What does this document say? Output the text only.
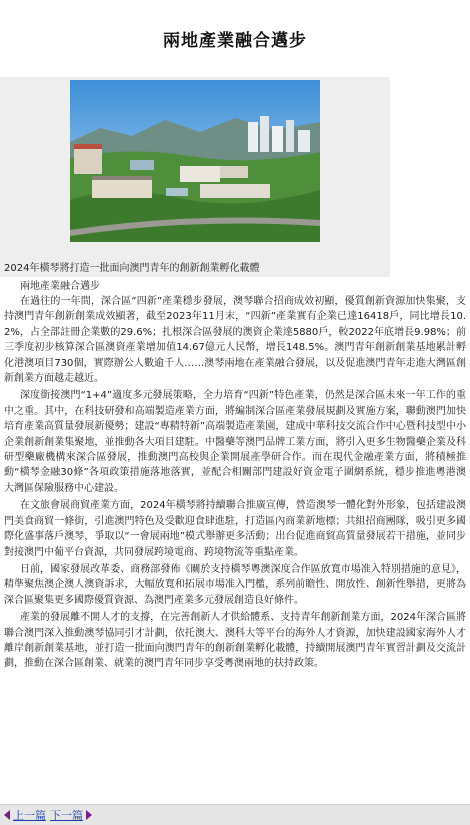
兩地產業融合邁步
2024年橫琴將打造一批面向澳門青年的創新創業孵化載體
兩地產業融合邁步

在過往的一年間，深合區“四新”產業穩步發展，澳琴聯合招商成效初顯，優質創新資源加快集聚，支持澳門青年創新創業成效顯著，截至2023年11月末，“四新”產業實有企業已達16418戶，同比增長10.2%，占全部註冊企業數的29.6%；扎根深合區發展的澳資企業達5880戶，較2022年底增長9.98%；前三季度初步核算深合區澳資產業增加值14.67億元人民幣，增長148.5%。澳門青年創新創業基地累計孵化港澳項目730個，實際辦公人數逾千人……澳琴兩地在產業融合發展，以及促進澳門青年走進大灣區創新創業方面越走越近。

深度銜接澳門“1+4”適度多元發展策略，全力培育“四新”特色產業，仍然是深合區未來一年工作的重中之重。其中，在科技研發和高端製造產業方面，將編制深合區產業發展規劃及實施方案，聯動澳門加快培育產業高質量發展新優勢；建設“專精特新”高端製造產業園，建成中華科技交流合作中心暨科技型中小企業創新創業集聚地，並推動各大項目建駐。中醫藥等澳門品牌工業方面，將引入更多生物醫藥企業及科研型藥廠機構來深合區發展，推動澳門高校與企業開展產學研合作。而在現代金融產業方面，將積極推動“橫琴金融30條”各項政策措施落地落實，並配合相關部門建設好資金電子圍網系統，穩步推進粵港澳大灣區保險服務中心建設。

在文旅會展商貿產業方面，2024年橫琴將持續聯合推廣宣傳，營造澳琴一體化對外形象，包括建設澳門美食商貿一條街，引進澳門特色及受歡迎食肆進駐，打造區內商業新地標；共組招商團隊，吸引更多國際化盛事落戶澳琴，爭取以“一會展兩地”模式舉辦更多活動；出台促進商貿高質量發展若干措施，並同步對接澳門中葡平台資源，共同發展跨境電商、跨境物流等重點產業。

日前，國家發展改革委、商務部發佈《關於支持橫琴粵澳深度合作區放寬市場准入特別措施的意見》，精準聚焦澳企澳人澳資訴求，大幅放寬和拓展市場准入門檻，系列前瞻性、開放性、創新性舉措，更將為深合區聚集更多國際優質資源、為澳門產業多元發展創造良好條件。

產業的發展離不開人才的支撐，在完善創新人才供給體系、支持青年創新創業方面，2024年深合區將聯合澳門深入推動澳琴協同引才計劃，依托澳大、澳科大等平台的海外人才資源，加快建設國家海外人才離岸創新創業基地，並打造一批面向澳門青年的創新創業孵化載體，持續開展澳門青年實習計劃及交流計劃，推動在深合區創業、就業的澳門青年同步享受粵澳兩地的扶持政策。

上一篇 下一篇
